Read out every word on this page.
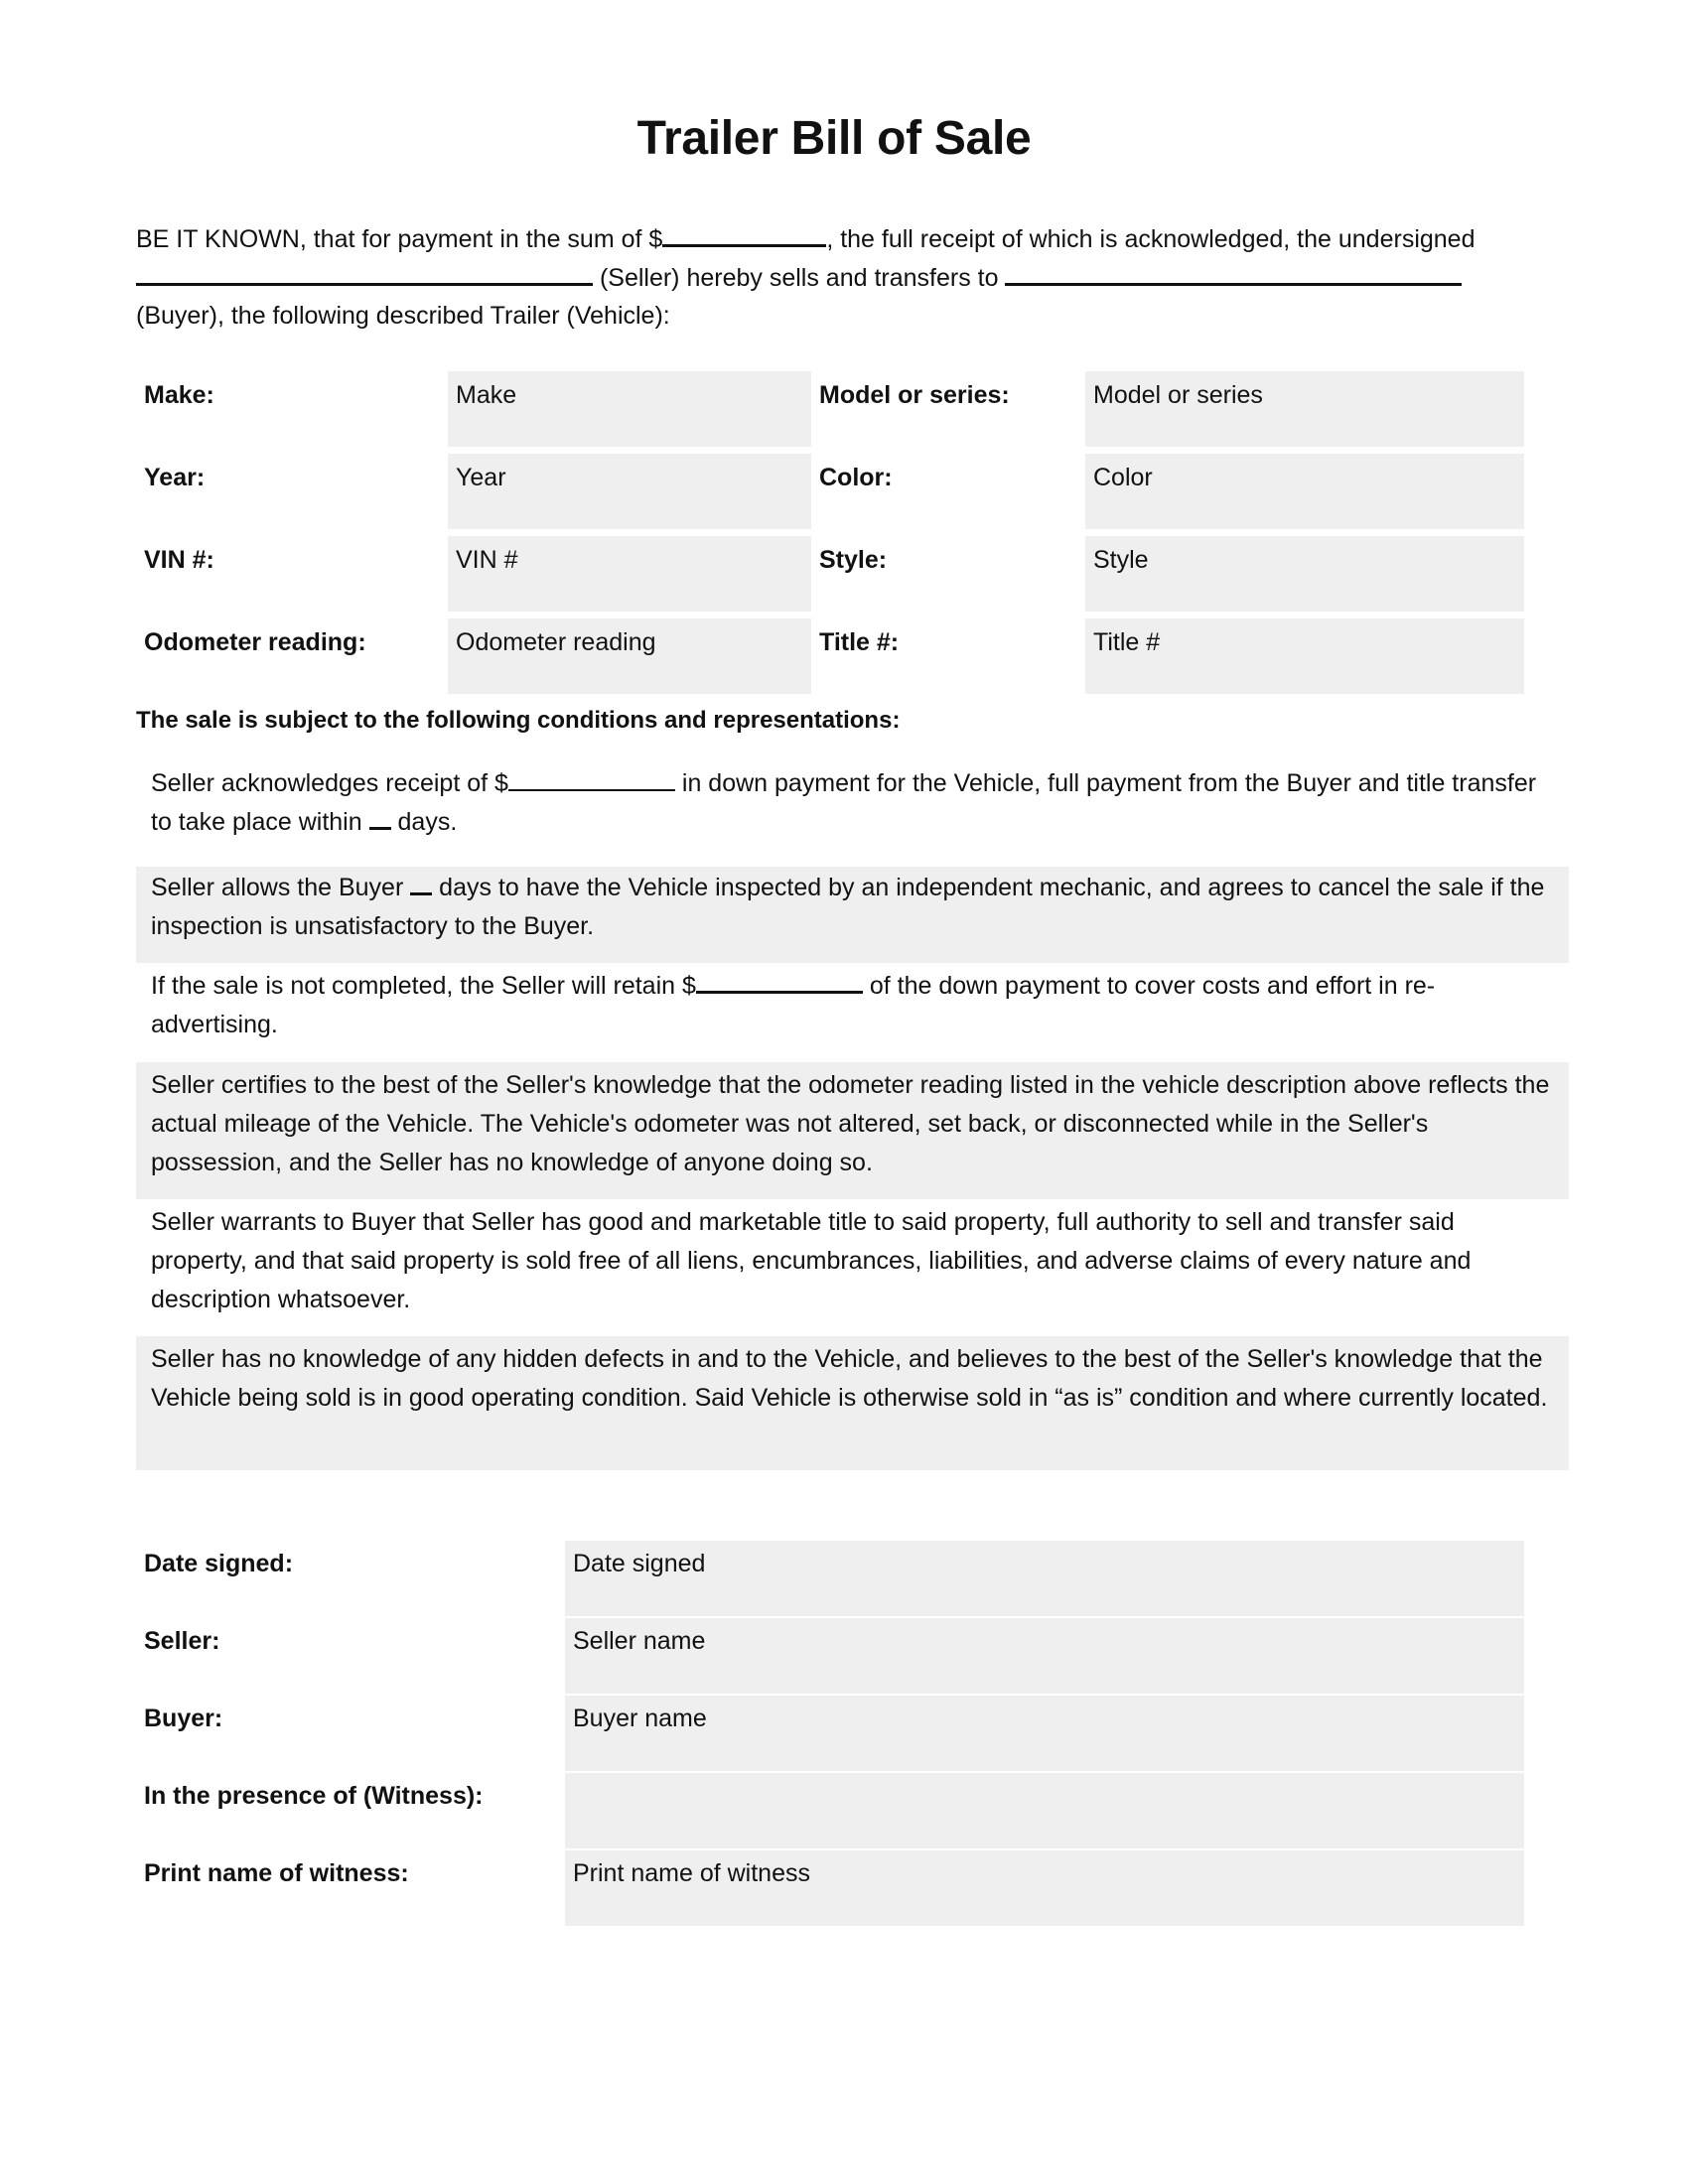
Trailer Bill of Sale
BE IT KNOWN, that for payment in the sum of $	, the full receipt of which is acknowledged, the undersigned
(Seller) hereby sells and transfers to
(Buyer), the following described Trailer (Vehicle):
Make:	Make	Model or series:	Model or series
Year:	Year	Color:	Color
VIN #:	VIN #	Style:	Style
Odometer reading:	Odometer reading	Title #:	Title #
The sale is subject to the following conditions and representations:
Seller acknowledges receipt of $	in down payment for the Vehicle, full payment from the Buyer and title transfer to take place within  days.
Seller allows the Buyer  days to have the Vehicle inspected by an independent mechanic, and agrees to cancel the sale if the inspection is unsatisfactory to the Buyer.
If the sale is not completed, the Seller will retain $	of the down payment to cover costs and effort in re-advertising.
Seller certifies to the best of the Seller's knowledge that the odometer reading listed in the vehicle description above reflects the actual mileage of the Vehicle. The Vehicle's odometer was not altered, set back, or disconnected while in the Seller's possession, and the Seller has no knowledge of anyone doing so.
Seller warrants to Buyer that Seller has good and marketable title to said property, full authority to sell and transfer said property, and that said property is sold free of all liens, encumbrances, liabilities, and adverse claims of every nature and description whatsoever.
Seller has no knowledge of any hidden defects in and to the Vehicle, and believes to the best of the Seller's knowledge that the Vehicle being sold is in good operating condition. Said Vehicle is otherwise sold in “as is” condition and where currently located.
Date signed:	Date signed
Seller:	Seller name
Buyer:	Buyer name
In the presence of (Witness):	
Print name of witness:	Print name of witness
